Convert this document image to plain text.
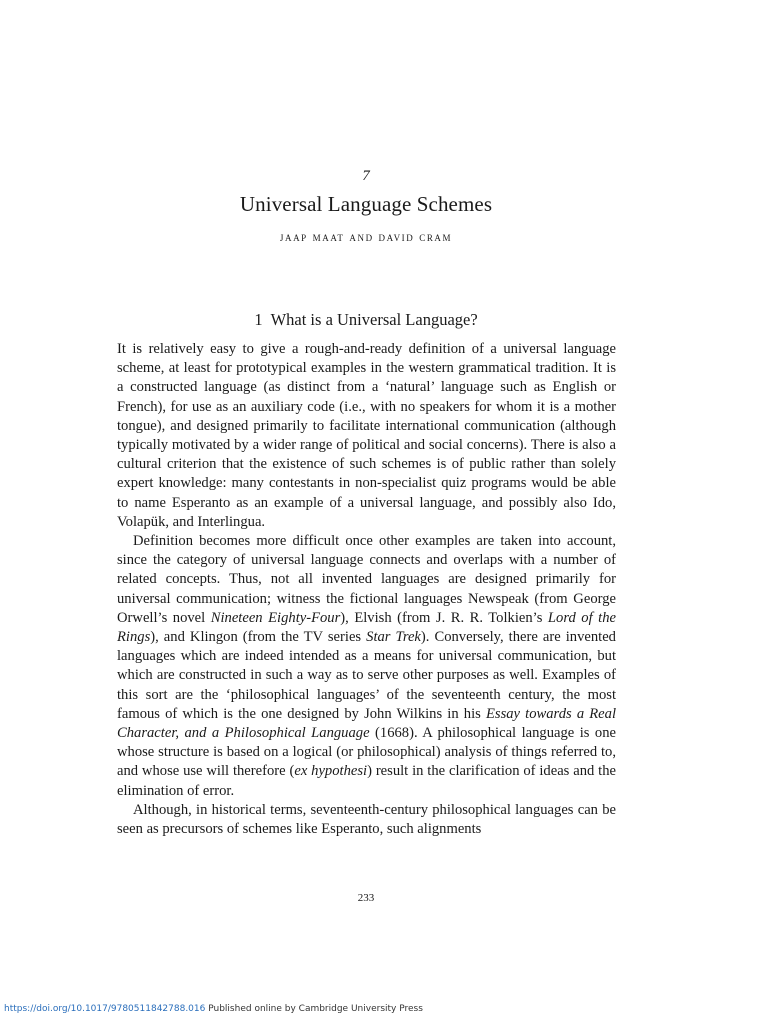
7
Universal Language Schemes
jaap maat and david cram
1 What is a Universal Language?

It is relatively easy to give a rough-and-ready definition of a universal language scheme, at least for prototypical examples in the western grammatical tradition. It is a constructed language (as distinct from a ‘natural’ language such as English or French), for use as an auxiliary code (i.e., with no speakers for whom it is a mother tongue), and designed primarily to facilitate international communication (although typically motivated by a wider range of political and social concerns). There is also a cultural criterion that the existence of such schemes is of public rather than solely expert knowledge: many contestants in non-specialist quiz programs would be able to name Esperanto as an example of a universal language, and possibly also Ido, Volapük, and Interlingua.

Definition becomes more difficult once other examples are taken into account, since the category of universal language connects and overlaps with a number of related concepts. Thus, not all invented languages are designed primarily for universal communication; witness the fictional languages Newspeak (from George Orwell’s novel Nineteen Eighty-Four), Elvish (from J. R. R. Tolkien’s Lord of the Rings), and Klingon (from the TV series Star Trek). Conversely, there are invented languages which are indeed intended as a means for universal communication, but which are constructed in such a way as to serve other purposes as well. Examples of this sort are the ‘philosophical languages’ of the seventeenth century, the most famous of which is the one designed by John Wilkins in his Essay towards a Real Character, and a Philosophical Language (1668). A philosophical language is one whose structure is based on a logical (or philosophical) analysis of things referred to, and whose use will therefore (ex hypothesi) result in the clarification of ideas and the elimination of error.

Although, in historical terms, seventeenth-century philosophical languages can be seen as precursors of schemes like Esperanto, such alignments

233
https://doi.org/10.1017/9780511842788.016 Published online by Cambridge University Press
